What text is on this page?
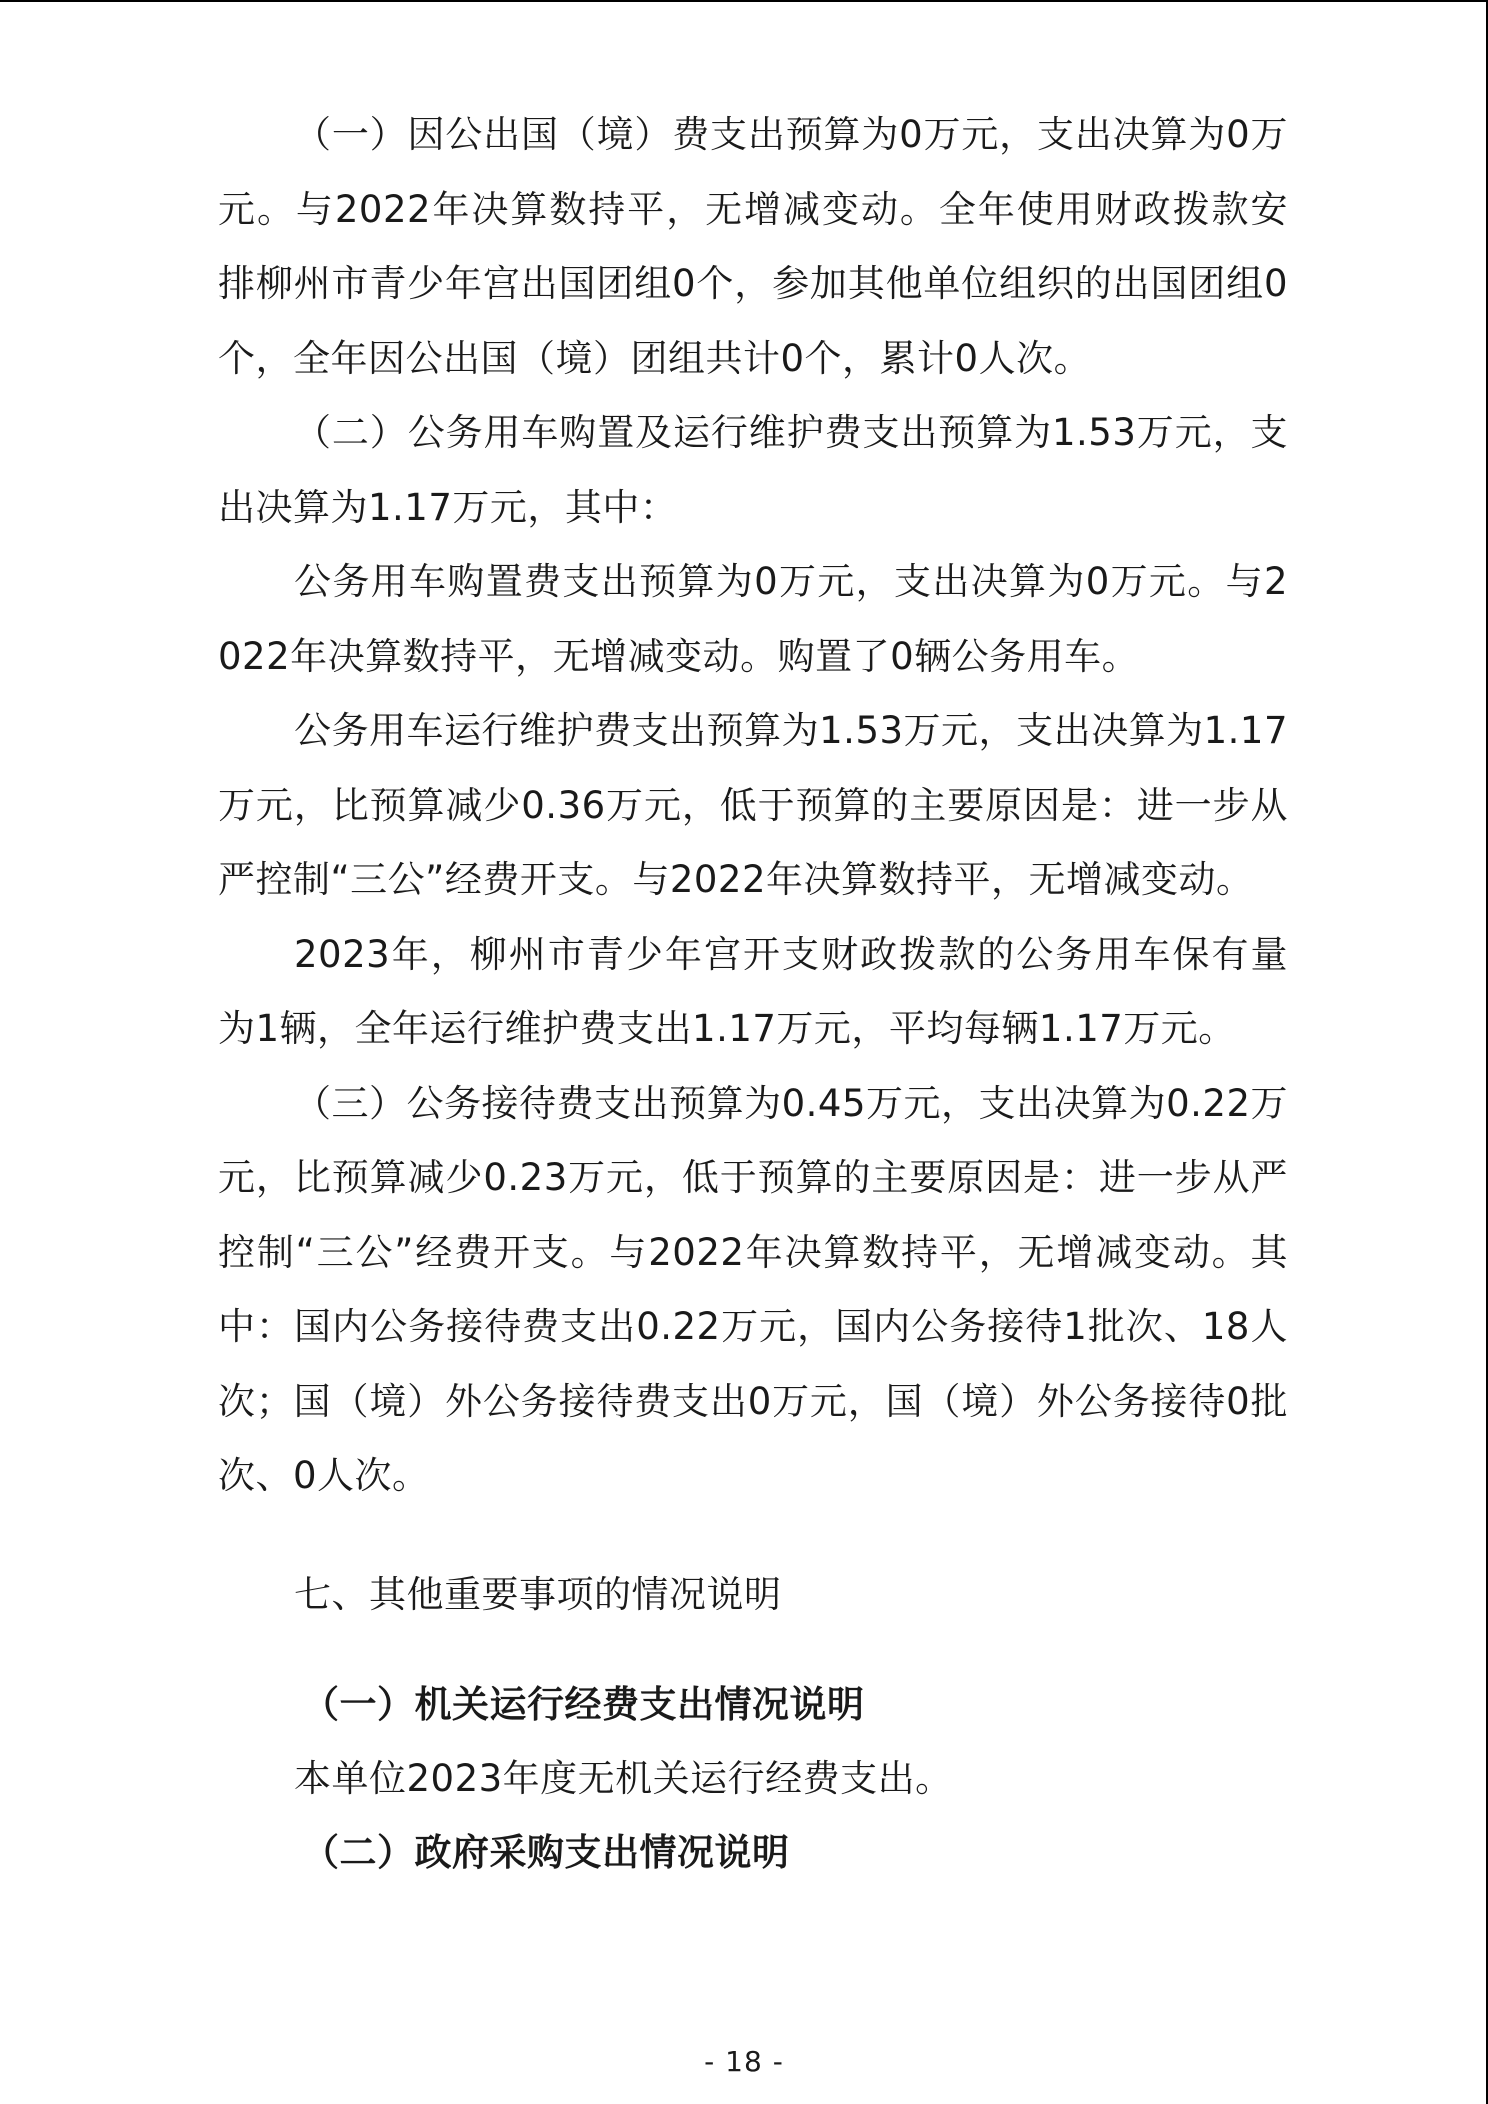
（一）因公出国（境）费支出预算为0万元，支出决算为0万元。与2022年决算数持平，无增减变动。全年使用财政拨款安排柳州市青少年宫出国团组0个，参加其他单位组织的出国团组0个，全年因公出国（境）团组共计0个，累计0人次。

（二）公务用车购置及运行维护费支出预算为1.53万元，支出决算为1.17万元，其中：

公务用车购置费支出预算为0万元，支出决算为0万元。与2022年决算数持平，无增减变动。购置了0辆公务用车。

公务用车运行维护费支出预算为1.53万元，支出决算为1.17万元，比预算减少0.36万元，低于预算的主要原因是：进一步从严控制“三公”经费开支。与2022年决算数持平，无增减变动。

2023年，柳州市青少年宫开支财政拨款的公务用车保有量为1辆，全年运行维护费支出1.17万元，平均每辆1.17万元。

（三）公务接待费支出预算为0.45万元，支出决算为0.22万元，比预算减少0.23万元，低于预算的主要原因是：进一步从严控制“三公”经费开支。与2022年决算数持平，无增减变动。其中：国内公务接待费支出0.22万元，国内公务接待1批次、18人次；国（境）外公务接待费支出0万元，国（境）外公务接待0批次、0人次。

七、其他重要事项的情况说明
（一）机关运行经费支出情况说明

本单位2023年度无机关运行经费支出。

（二）政府采购支出情况说明
- 18 -
